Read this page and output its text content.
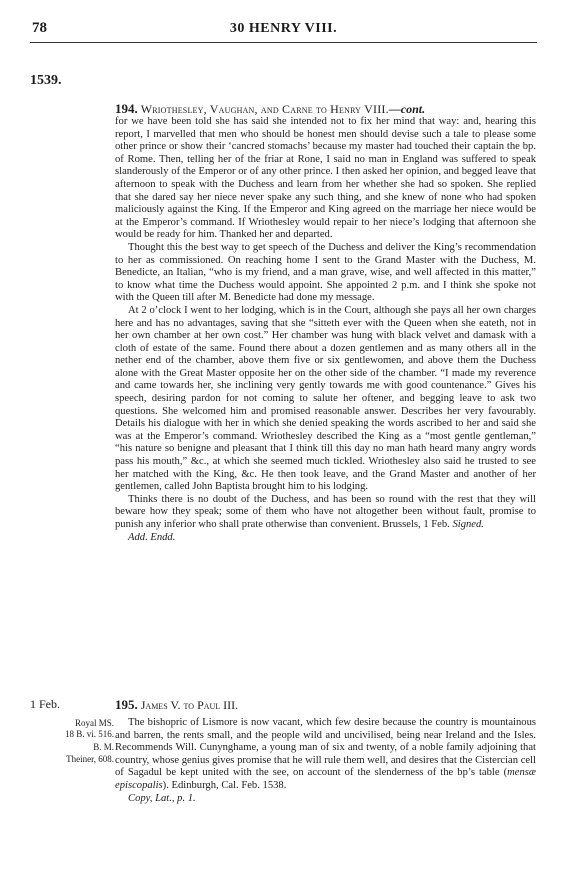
78	30 HENRY VIII.
1539.
194. Wriothesley, Vaughan, and Carne to Henry VIII.—cont.

for we have been told she has said she intended not to fix her mind that way: and, hearing this report, I marvelled that men who should be honest men should devise such a tale to please some other prince or show their ‘cancred stomachs’ because my master had touched their captain the bp. of Rome. Then, telling her of the friar at Rone, I said no man in England was suffered to speak slanderously of the Emperor or of any other prince. I then asked her opinion, and begged leave that afternoon to speak with the Duchess and learn from her whether she had so spoken. She replied that she dared say her niece never spake any such thing, and she knew of none who had spoken maliciously against the King. If the Emperor and King agreed on the marriage her niece would be at the Emperor’s command. If Wriothesley would repair to her niece’s lodging that afternoon she would be ready for him. Thanked her and departed.

Thought this the best way to get speech of the Duchess and deliver the King’s recommendation to her as commissioned. On reaching home I sent to the Grand Master with the Duchess, M. Benedicte, an Italian, “who is my friend, and a man grave, wise, and well affected in this matter,” to know what time the Duchess would appoint. She appointed 2 p.m. and I think she spoke not with the Queen till after M. Benedicte had done my message.

At 2 o’clock I went to her lodging, which is in the Court, although she pays all her own charges here and has no advantages, saving that she “sitteth ever with the Queen when she eateth, not in her own chamber at her own cost.” Her chamber was hung with black velvet and damask with a cloth of estate of the same. Found there about a dozen gentlemen and as many others all in the nether end of the chamber, above them five or six gentlewomen, and above them the Duchess alone with the Great Master opposite her on the other side of the chamber. “I made my reverence and came towards her, she inclining very gently towards me with good countenance.” Gives his speech, desiring pardon for not coming to salute her oftener, and begging leave to ask two questions. She welcomed him and promised reasonable answer. Describes her very favourably. Details his dialogue with her in which she denied speaking the words ascribed to her and said she was at the Emperor’s command. Wriothesley described the King as a “most gentle gentleman,” “his nature so benigne and pleasant that I think till this day no man hath heard many angry words pass his mouth,” &c., at which she seemed much tickled. Wriothesley also said he trusted to see her matched with the King, &c. He then took leave, and the Grand Master and another of her gentlemen, called John Baptista brought him to his lodging.

Thinks there is no doubt of the Duchess, and has been so round with the rest that they will beware how they speak; some of them who have not altogether been without fault, promise to punish any inferior who shall prate otherwise than convenient. Brussels, 1 Feb. Signed.

Add. Endd.

1 Feb.	195. James V. to Paul III.
Royal MS.
18 B. vi. 516.
B. M.
Theiner, 608.

The bishopric of Lismore is now vacant, which few desire because the country is mountainous and barren, the rents small, and the people wild and uncivilised, being near Ireland and the Isles. Recommends Will. Cunynghame, a young man of six and twenty, of a noble family adjoining that country, whose genius gives promise that he will rule them well, and desires that the Cistercian cell of Sagadul be kept united with the see, on account of the slenderness of the bp’s table (mensæ episcopalis). Edinburgh, Cal. Feb. 1538.

Copy, Lat., p. 1.
